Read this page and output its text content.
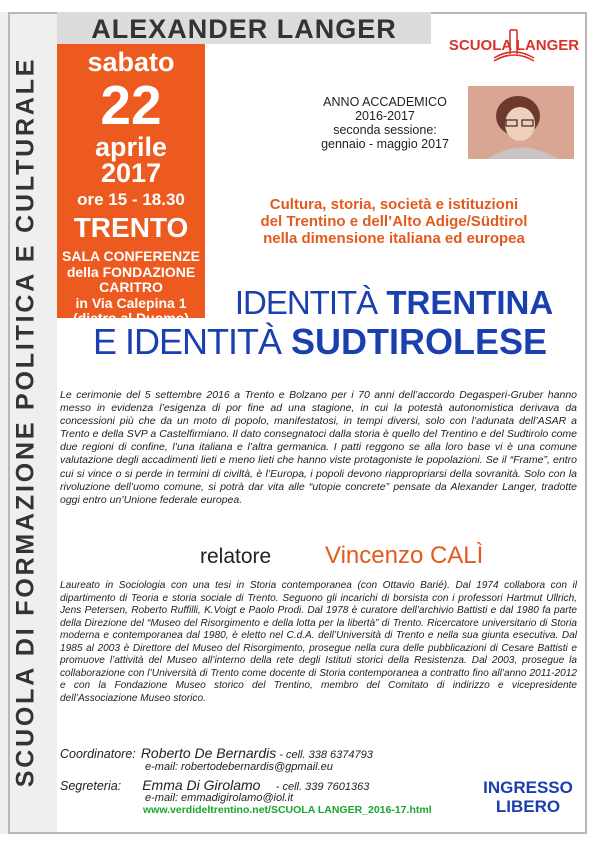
SCUOLA DI FORMAZIONE POLITICA E CULTURALE
ALEXANDER LANGER
SCUOLA LANGER
sabato
22
aprile
2017
ore 15 - 18.30
TRENTO
SALA CONFERENZE
della FONDAZIONE
CARITRO
in Via Calepina 1
(dietro al Duomo)
ANNO ACCADEMICO
2016-2017
seconda sessione:
gennaio - maggio 2017
Cultura, storia, società e istituzioni
del Trentino e dell’Alto Adige/Südtirol
nella dimensione italiana ed europea
IDENTITÀ TRENTINA
E IDENTITÀ SUDTIROLESE
Le cerimonie del 5 settembre 2016 a Trento e Bolzano per i 70 anni dell’accordo Degasperi-Gruber hanno messo in evidenza l’esigenza di por fine ad una stagione, in cui la potestà autonomistica derivava da concessioni più che da un moto di popolo, manifestatosi, in tempi diversi, solo con l’adunata dell’ASAR a Trento e della SVP a Castelfirmiano. Il dato consegnatoci dalla storia è quello del Trentino e del Sudtirolo come due regioni di confine, l’una italiana e l’altra germanica. I patti reggono se alla loro base vi è una comune valutazione degli accadimenti lieti e meno lieti che hanno viste protagoniste le popolazioni. Se il “Frame”, entro cui si vince o si perde in termini di civiltà, è l’Europa, i popoli devono riappropriarsi della sovranità. Solo con la rivoluzione dell’uomo comune, si potrà dar vita alle “utopie concrete” pensate da Alexander Langer, tradotte oggi entro un’Unione federale europea.
relatore Vincenzo CALÌ
Laureato in Sociologia con una tesi in Storia contemporanea (con Ottavio Barié). Dal 1974 collabora con il dipartimento di Teoria e storia sociale di Trento. Seguono gli incarichi di borsista con i professori Hartmut Ullrich, Jens Petersen, Roberto Ruffilli, K.Voigt e Paolo Prodi. Dal 1978 è curatore dell’archivio Battisti e dal 1980 fa parte della Direzione del “Museo del Risorgimento e della lotta per la libertà” di Trento. Ricercatore universitario di Storia moderna e contemporanea dal 1980, è eletto nel C.d.A. dell’Università di Trento e nella sua giunta esecutiva. Dal 1985 al 2003 è Direttore del Museo del Risorgimento, prosegue nella cura delle pubblicazioni di Cesare Battisti e promuove l’attività del Museo all’interno della rete degli Istituti storici della Resistenza. Dal 2003, prosegue la collaborazione con l’Università di Trento come docente di Storia contemporanea a contratto fino all’anno 2011-2012 e con la Fondazione Museo storico del Trentino, membro del Comitato di indirizzo e vicepresidente dell’Associazione Museo storico.
Coordinatore: Roberto De Bernardis - cell. 338 6374793
e-mail: robertodebernardis@gpmail.eu
Segreteria: Emma Di Girolamo     - cell. 339 7601363
e-mail: emmadigirolamo@iol.it
www.verdideltrentino.net/SCUOLA LANGER_2016-17.html
INGRESSO
LIBERO
